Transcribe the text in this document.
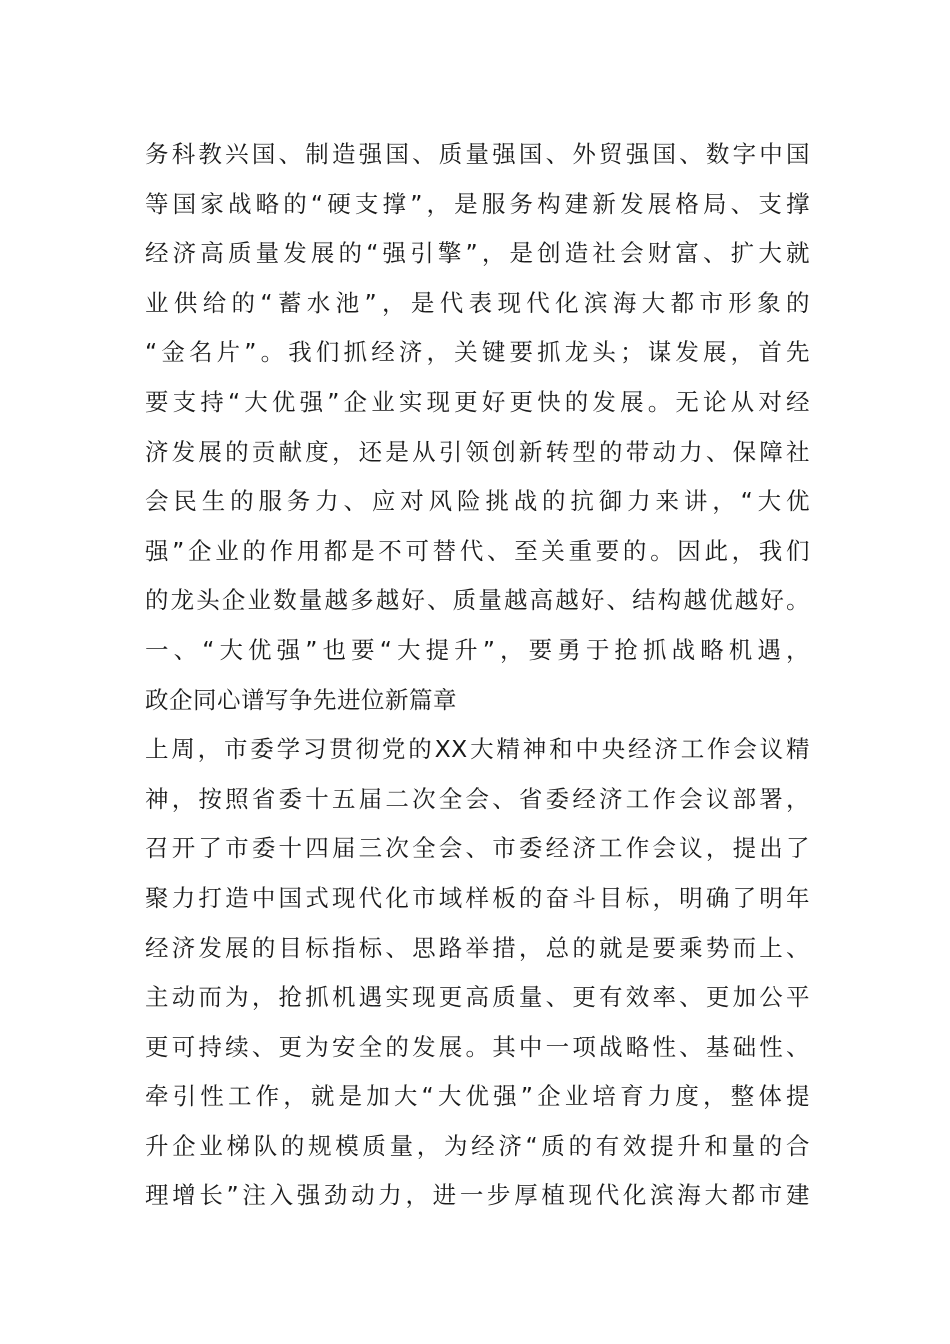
务科教兴国、制造强国、质量强国、外贸强国、数字中国
等国家战略的“硬支撑”，是服务构建新发展格局、支撑
经济高质量发展的“强引擎”，是创造社会财富、扩大就
业供给的“蓄水池”，是代表现代化滨海大都市形象的
“金名片”。我们抓经济，关键要抓龙头；谋发展，首先
要支持“大优强”企业实现更好更快的发展。无论从对经
济发展的贡献度，还是从引领创新转型的带动力、保障社
会民生的服务力、应对风险挑战的抗御力来讲，“大优
强”企业的作用都是不可替代、至关重要的。因此，我们
的龙头企业数量越多越好、质量越高越好、结构越优越好。
一、“大优强”也要“大提升”，要勇于抢抓战略机遇，
政企同心谱写争先进位新篇章
上周，市委学习贯彻党的XX大精神和中央经济工作会议精
神，按照省委十五届二次全会、省委经济工作会议部署，
召开了市委十四届三次全会、市委经济工作会议，提出了
聚力打造中国式现代化市域样板的奋斗目标，明确了明年
经济发展的目标指标、思路举措，总的就是要乘势而上、
主动而为，抢抓机遇实现更高质量、更有效率、更加公平
更可持续、更为安全的发展。其中一项战略性、基础性、
牵引性工作，就是加大“大优强”企业培育力度，整体提
升企业梯队的规模质量，为经济“质的有效提升和量的合
理增长”注入强劲动力，进一步厚植现代化滨海大都市建
